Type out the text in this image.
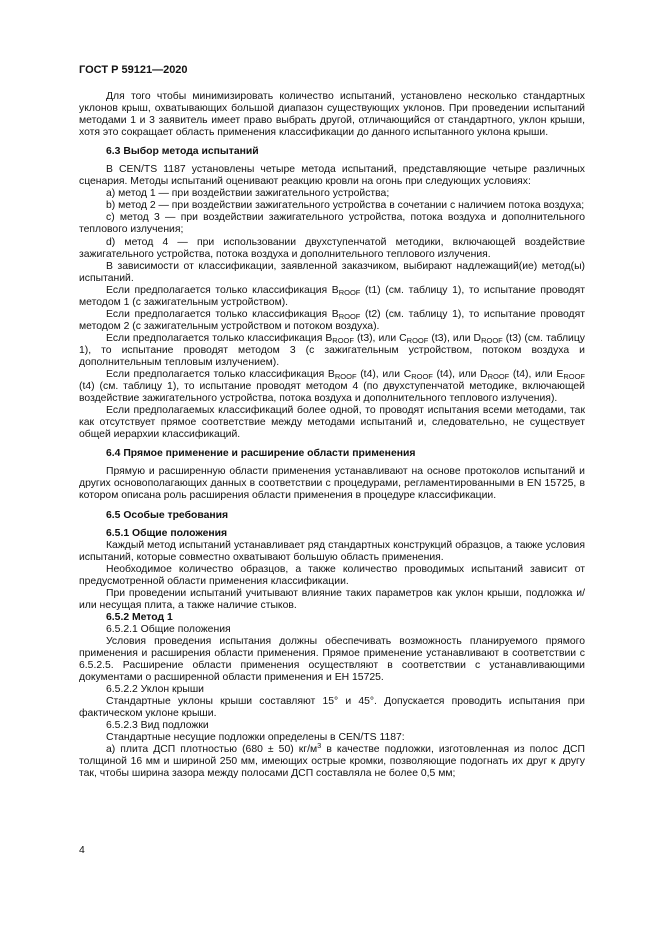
ГОСТ Р 59121—2020

Для того чтобы минимизировать количество испытаний, установлено несколько стандартных уклонов крыш, охватывающих большой диапазон существующих уклонов. При проведении испытаний методами 1 и 3 заявитель имеет право выбрать другой, отличающийся от стандартного, уклон крыши, хотя это сокращает область применения классификации до данного испытанного уклона крыши.

6.3 Выбор метода испытаний

В CEN/TS 1187 установлены четыре метода испытаний, представляющие четыре различных сценария. Методы испытаний оценивают реакцию кровли на огонь при следующих условиях:

а) метод 1 — при воздействии зажигательного устройства;

b) метод 2 — при воздействии зажигательного устройства в сочетании с наличием потока воздуха;

с) метод 3 — при воздействии зажигательного устройства, потока воздуха и дополнительного теплового излучения;

d) метод 4 — при использовании двухступенчатой методики, включающей воздействие зажигательного устройства, потока воздуха и дополнительного теплового излучения.

В зависимости от классификации, заявленной заказчиком, выбирают надлежащий(ие) метод(ы) испытаний.

Если предполагается только классификация $B_{ROOF}$ (t1) (см. таблицу 1), то испытание проводят методом 1 (с зажигательным устройством).

Если предполагается только классификация $B_{ROOF}$ (t2) (см. таблицу 1), то испытание проводят методом 2 (с зажигательным устройством и потоком воздуха).

Если предполагается только классификация $B_{ROOF}$ (t3), или $C_{ROOF}$ (t3), или $D_{ROOF}$ (t3) (см. таблицу 1), то испытание проводят методом 3 (с зажигательным устройством, потоком воздуха и дополнительным тепловым излучением).

Если предполагается только классификация $B_{ROOF}$ (t4), или $C_{ROOF}$ (t4), или $D_{ROOF}$ (t4), или $E_{ROOF}$ (t4) (см. таблицу 1), то испытание проводят методом 4 (по двухступенчатой методике, включающей воздействие зажигательного устройства, потока воздуха и дополнительного теплового излучения).

Если предполагаемых классификаций более одной, то проводят испытания всеми методами, так как отсутствует прямое соответствие между методами испытаний и, следовательно, не существует общей иерархии классификаций.

6.4 Прямое применение и расширение области применения

Прямую и расширенную области применения устанавливают на основе протоколов испытаний и других основополагающих данных в соответствии с процедурами, регламентированными в EN 15725, в котором описана роль расширения области применения в процедуре классификации.

6.5 Особые требования

6.5.1 Общие положения

Каждый метод испытаний устанавливает ряд стандартных конструкций образцов, а также условия испытаний, которые совместно охватывают большую область применения.

Необходимое количество образцов, а также количество проводимых испытаний зависит от предусмотренной области применения классификации.

При проведении испытаний учитывают влияние таких параметров как уклон крыши, подложка и/или несущая плита, а также наличие стыков.

6.5.2 Метод 1

6.5.2.1 Общие положения

Условия проведения испытания должны обеспечивать возможность планируемого прямого применения и расширения области применения. Прямое применение устанавливают в соответствии с 6.5.2.5. Расширение области применения осуществляют в соответствии с устанавливающими документами о расширенной области применения и ЕН 15725.

6.5.2.2 Уклон крыши

Стандартные уклоны крыши составляют 15° и 45°. Допускается проводить испытания при фактическом уклоне крыши.

6.5.2.3 Вид подложки

Стандартные несущие подложки определены в CEN/TS 1187:

а) плита ДСП плотностью (680 ± 50) $кг/м^3$ в качестве подложки, изготовленная из полос ДСП толщиной 16 мм и шириной 250 мм, имеющих острые кромки, позволяющие подогнать их друг к другу так, чтобы ширина зазора между полосами ДСП составляла не более 0,5 мм;

4
